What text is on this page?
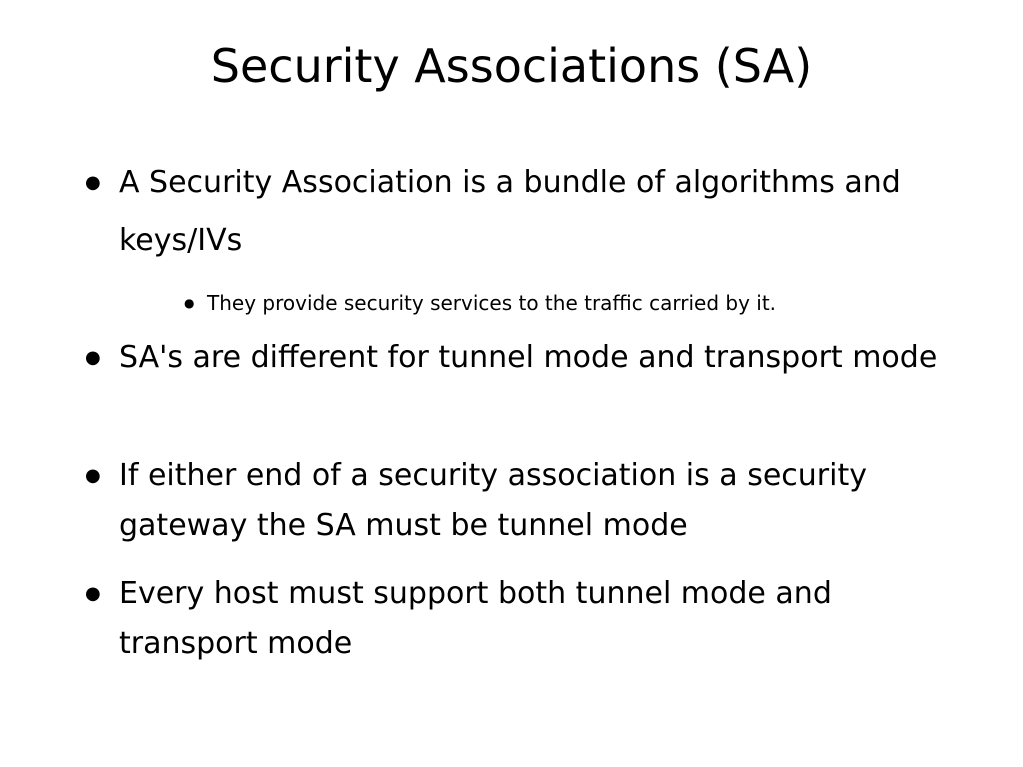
Security Associations (SA)
● A Security Association is a bundle of algorithms and keys/IVs
● They provide security services to the traffic carried by it.
● SA's are different for tunnel mode and transport mode
● If either end of a security association is a security gateway the SA must be tunnel mode
● Every host must support both tunnel mode and transport mode
